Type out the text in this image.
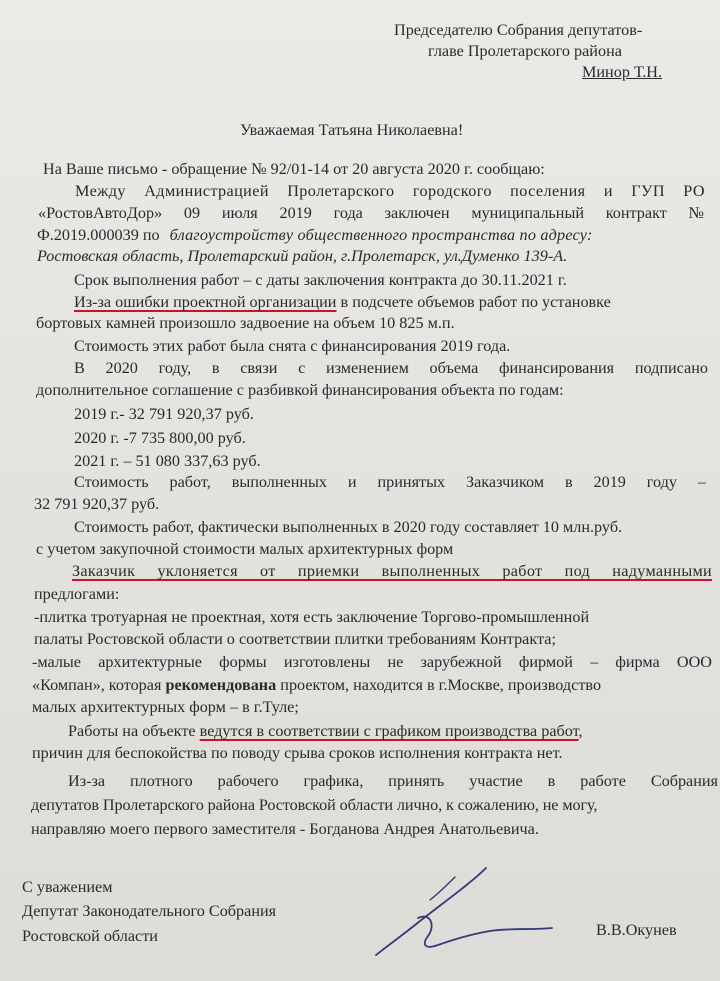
Председателю Собрания депутатов-
главе Пролетарского района
Минор Т.Н.
Уважаемая Татьяна Николаевна!
На Ваше письмо - обращение № 92/01-14 от 20 августа 2020 г. сообщаю:
Между Администрацией Пролетарского городского поселения и ГУП РО
«РостовАвтоДор» 09 июля 2019 года заключен муниципальный контракт №
Ф.2019.000039 по благоустройству общественного пространства по адресу:
Ростовская область, Пролетарский район, г.Пролетарск, ул.Думенко 139-А.
Срок выполнения работ – с даты заключения контракта до 30.11.2021 г.
Из-за ошибки проектной организации в подсчете объемов работ по установке
бортовых камней произошло задвоение на объем 10 825 м.п.
Стоимость этих работ была снята с финансирования 2019 года.
В 2020 году, в связи с изменением объема финансирования подписано
дополнительное соглашение с разбивкой финансирования объекта по годам:
2019 г.- 32 791 920,37 руб.
2020 г. -7 735 800,00 руб.
2021 г. – 51 080 337,63 руб.
Стоимость работ, выполненных и принятых Заказчиком в 2019 году –
32 791 920,37 руб.
Стоимость работ, фактически выполненных в 2020 году составляет 10 млн.руб.
с учетом закупочной стоимости малых архитектурных форм
Заказчик уклоняется от приемки выполненных работ под надуманными
предлогами:
-плитка тротуарная не проектная, хотя есть заключение Торгово-промышленной
палаты Ростовской области о соответствии плитки требованиям Контракта;
-малые архитектурные формы изготовлены не зарубежной фирмой – фирма ООО
«Компан», которая рекомендована проектом, находится в г.Москве, производство
малых архитектурных форм – в г.Туле;
Работы на объекте ведутся в соответствии с графиком производства работ,
причин для беспокойства по поводу срыва сроков исполнения контракта нет.
Из-за плотного рабочего графика, принять участие в работе Собрания
депутатов Пролетарского района Ростовской области лично, к сожалению, не могу,
направляю моего первого заместителя - Богданова Андрея Анатольевича.
С уважением
Депутат Законодательного Собрания
Ростовской области	В.В.Окунев
